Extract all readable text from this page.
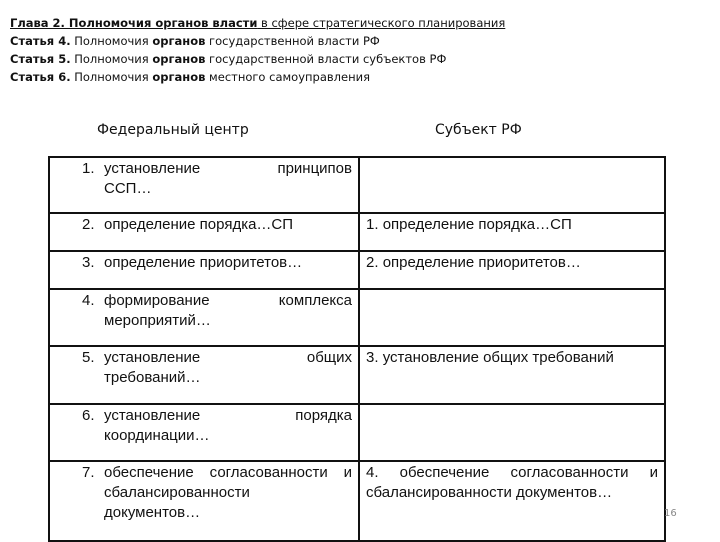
Глава 2. Полномочия органов власти в сфере стратегического планирования
Статья 4. Полномочия органов государственной власти РФ
Статья 5. Полномочия органов государственной власти субъектов РФ
Статья 6. Полномочия органов местного самоуправления
Федеральный центр	Субъект РФ
1. установление принципов
ССП…	

2. определение порядка…СП	1. определение порядка…СП

3. определение приоритетов…	2. определение приоритетов…

4. формирование комплекса
мероприятий…	

5. установление общих
требований…	3. установление общих требований

6. установление порядка
координации…	

7. обеспечение согласованности и сбалансированности
документов…	4. обеспечение согласованности и сбалансированности документов…
16
